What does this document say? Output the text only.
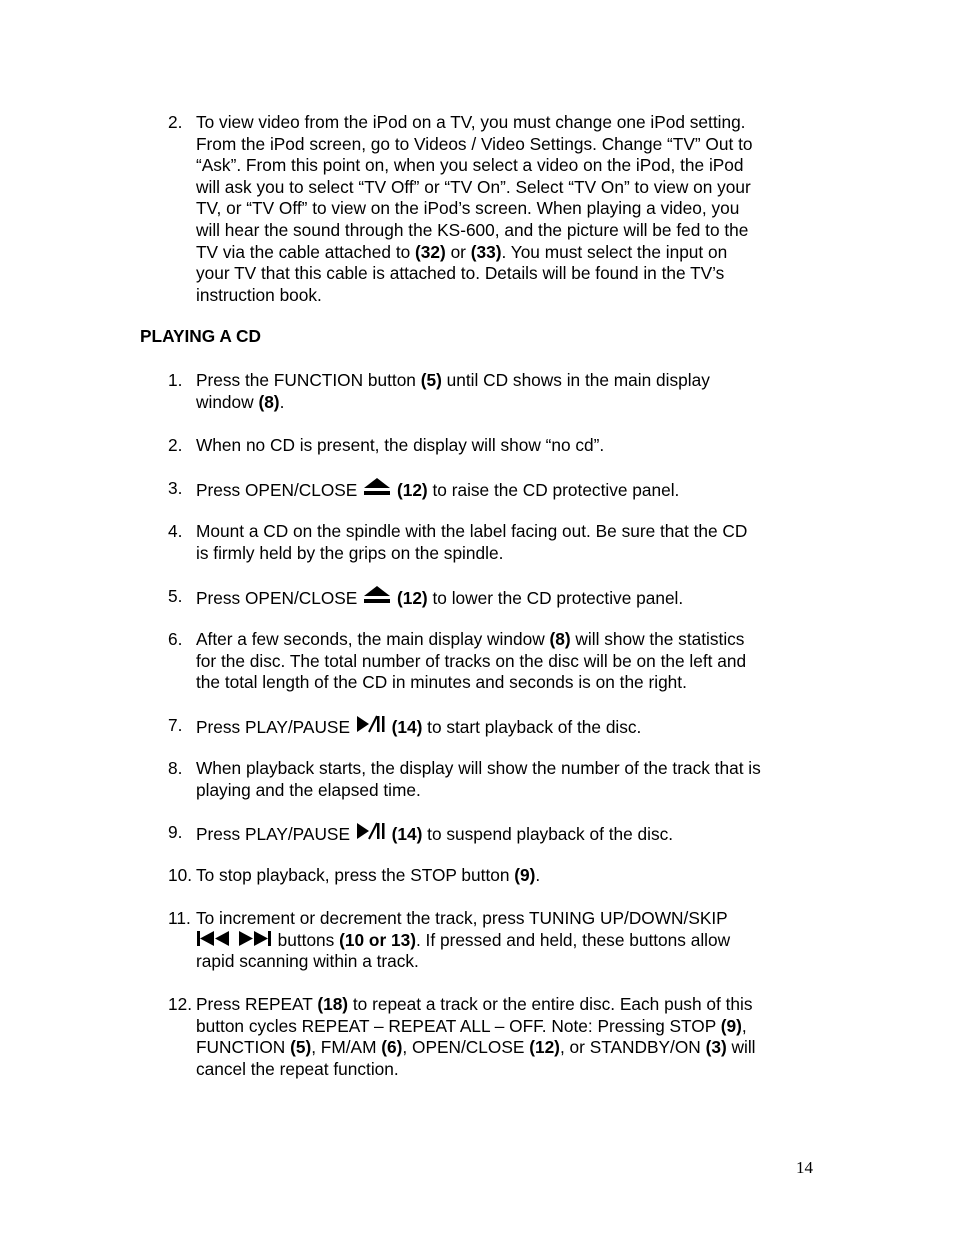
2. To view video from the iPod on a TV, you must change one iPod setting.
From the iPod screen, go to Videos / Video Settings. Change “TV” Out to
“Ask”. From this point on, when you select a video on the iPod, the iPod
will ask you to select “TV Off” or “TV On”. Select “TV On” to view on your
TV, or “TV Off” to view on the iPod’s screen. When playing a video, you
will hear the sound through the KS-600, and the picture will be fed to the
TV via the cable attached to (32) or (33). You must select the input on
your TV that this cable is attached to. Details will be found in the TV’s
instruction book.
PLAYING A CD
1. Press the FUNCTION button (5) until CD shows in the main display
window (8).
2. When no CD is present, the display will show “no cd”.
3. Press OPEN/CLOSE  (12) to raise the CD protective panel.
4. Mount a CD on the spindle with the label facing out. Be sure that the CD
is firmly held by the grips on the spindle.
5. Press OPEN/CLOSE  (12) to lower the CD protective panel.
6. After a few seconds, the main display window (8) will show the statistics
for the disc. The total number of tracks on the disc will be on the left and
the total length of the CD in minutes and seconds is on the right.
7. Press PLAY/PAUSE  (14) to start playback of the disc.
8. When playback starts, the display will show the number of the track that is
playing and the elapsed time.
9. Press PLAY/PAUSE  (14) to suspend playback of the disc.
10. To stop playback, press the STOP button (9).
11. To increment or decrement the track, press TUNING UP/DOWN/SKIP
buttons (10 or 13). If pressed and held, these buttons allow
rapid scanning within a track.
12. Press REPEAT (18) to repeat a track or the entire disc. Each push of this
button cycles REPEAT – REPEAT ALL – OFF. Note: Pressing STOP (9),
FUNCTION (5), FM/AM (6), OPEN/CLOSE (12), or STANDBY/ON (3) will
cancel the repeat function.
14
